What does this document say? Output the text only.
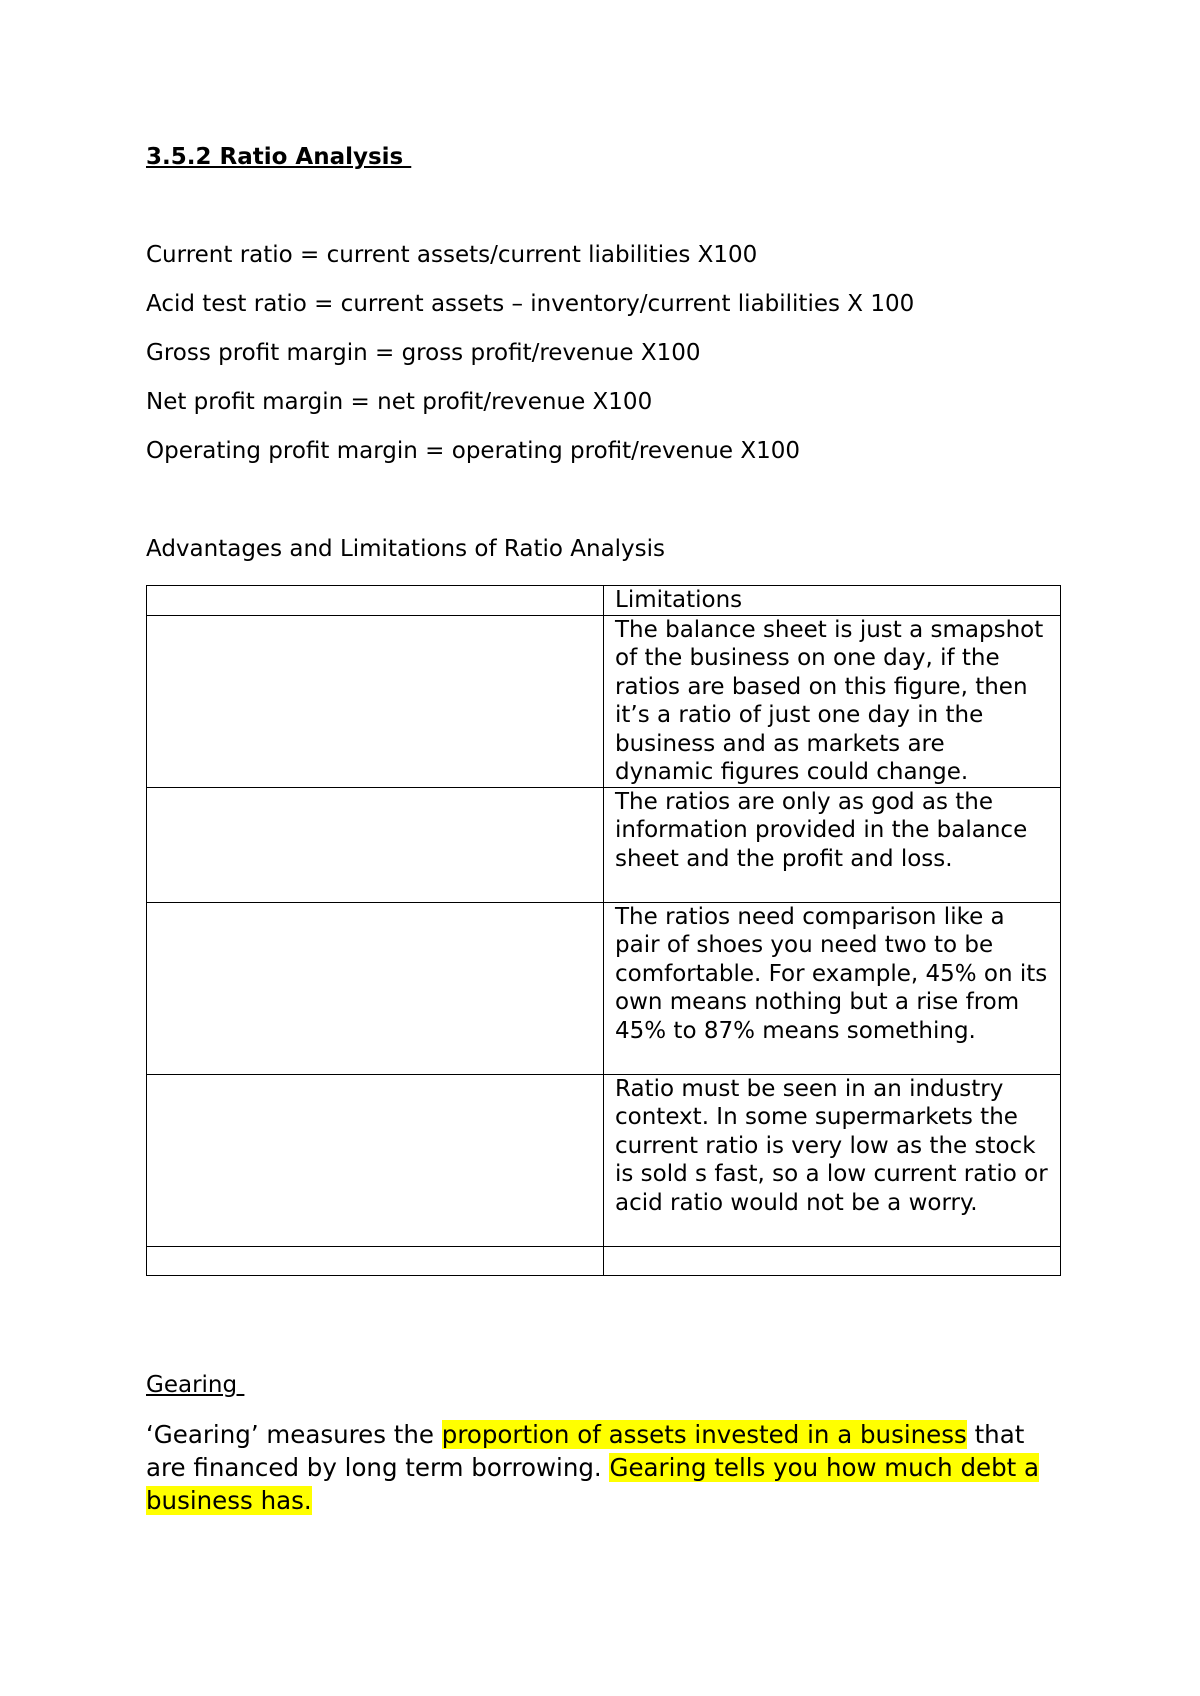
3.5.2 Ratio Analysis

Current ratio = current assets/current liabilities X100

Acid test ratio = current assets – inventory/current liabilities X 100

Gross profit margin = gross profit/revenue X100

Net profit margin = net profit/revenue X100

Operating profit margin = operating profit/revenue X100

Advantages and Limitations of Ratio Analysis

	Limitations

	The balance sheet is just a smapshot of the business on one day, if the ratios are based on this figure, then it’s a ratio of just one day in the business and as markets are dynamic figures could change.

	The ratios are only as god as the information provided in the balance sheet and the profit and loss.

	The ratios need comparison like a pair of shoes you need two to be comfortable. For example, 45% on its own means nothing but a rise from 45% to 87% means something.

	Ratio must be seen in an industry context. In some supermarkets the current ratio is very low as the stock is sold s fast, so a low current ratio or acid ratio would not be a worry.

Gearing

‘Gearing’ measures the proportion of assets invested in a business that are financed by long term borrowing. Gearing tells you how much debt a business has.
